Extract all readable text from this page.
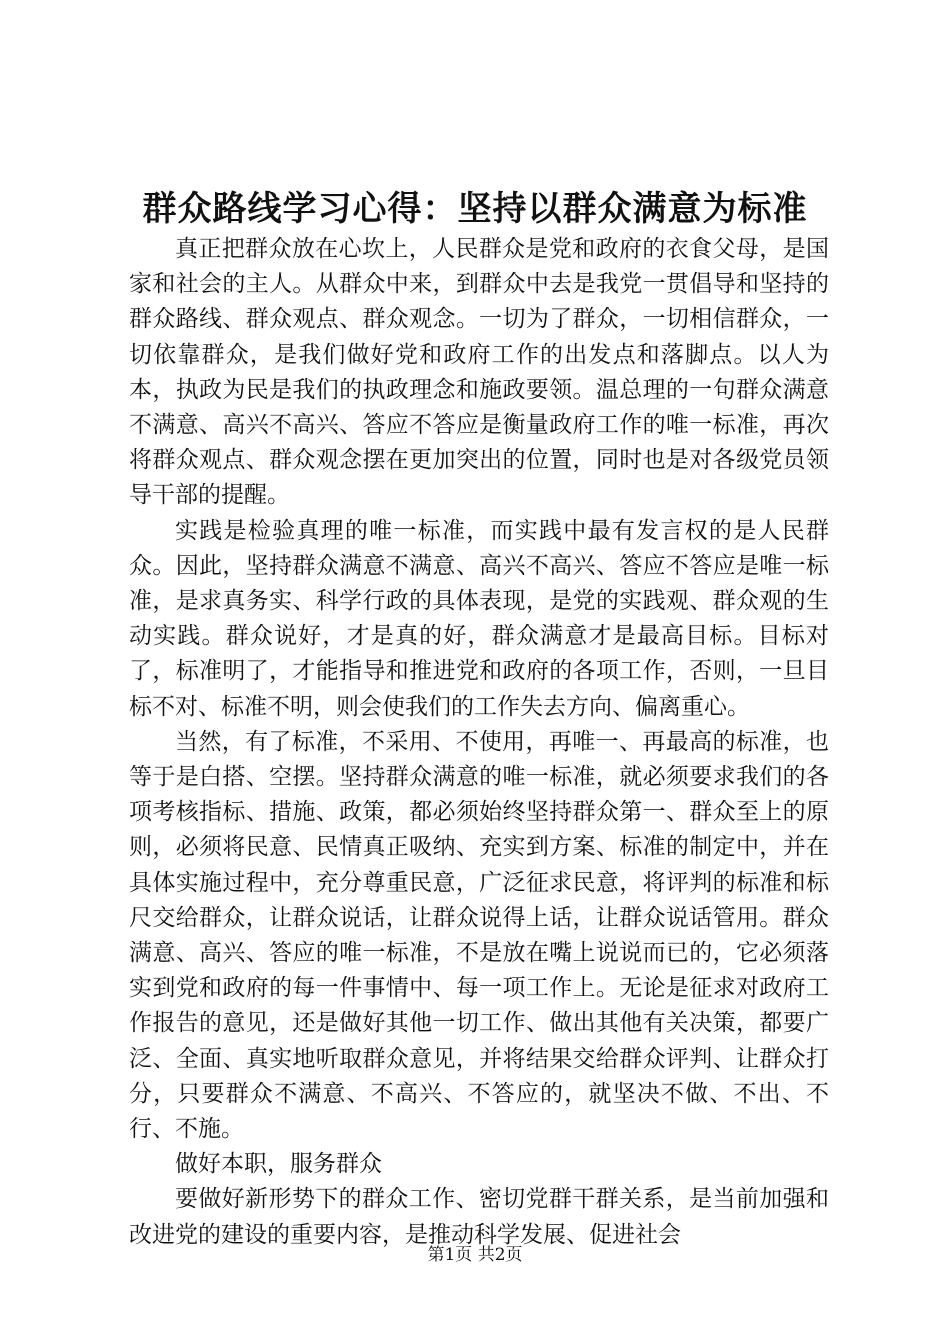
群众路线学习心得：坚持以群众满意为标准

真正把群众放在心坎上，人民群众是党和政府的衣食父母，是国家和社会的主人。从群众中来，到群众中去是我党一贯倡导和坚持的群众路线、群众观点、群众观念。一切为了群众，一切相信群众，一切依靠群众，是我们做好党和政府工作的出发点和落脚点。以人为本，执政为民是我们的执政理念和施政要领。温总理的一句群众满意不满意、高兴不高兴、答应不答应是衡量政府工作的唯一标准，再次将群众观点、群众观念摆在更加突出的位置，同时也是对各级党员领导干部的提醒。

实践是检验真理的唯一标准，而实践中最有发言权的是人民群众。因此，坚持群众满意不满意、高兴不高兴、答应不答应是唯一标准，是求真务实、科学行政的具体表现，是党的实践观、群众观的生动实践。群众说好，才是真的好，群众满意才是最高目标。目标对了，标准明了，才能指导和推进党和政府的各项工作，否则，一旦目标不对、标准不明，则会使我们的工作失去方向、偏离重心。

当然，有了标准，不采用、不使用，再唯一、再最高的标准，也等于是白搭、空摆。坚持群众满意的唯一标准，就必须要求我们的各项考核指标、措施、政策，都必须始终坚持群众第一、群众至上的原则，必须将民意、民情真正吸纳、充实到方案、标准的制定中，并在具体实施过程中，充分尊重民意，广泛征求民意，将评判的标准和标尺交给群众，让群众说话，让群众说得上话，让群众说话管用。群众满意、高兴、答应的唯一标准，不是放在嘴上说说而已的，它必须落实到党和政府的每一件事情中、每一项工作上。无论是征求对政府工作报告的意见，还是做好其他一切工作、做出其他有关决策，都要广泛、全面、真实地听取群众意见，并将结果交给群众评判、让群众打分，只要群众不满意、不高兴、不答应的，就坚决不做、不出、不行、不施。

做好本职，服务群众

要做好新形势下的群众工作、密切党群干群关系，是当前加强和改进党的建设的重要内容，是推动科学发展、促进社会

第1页 共2页
